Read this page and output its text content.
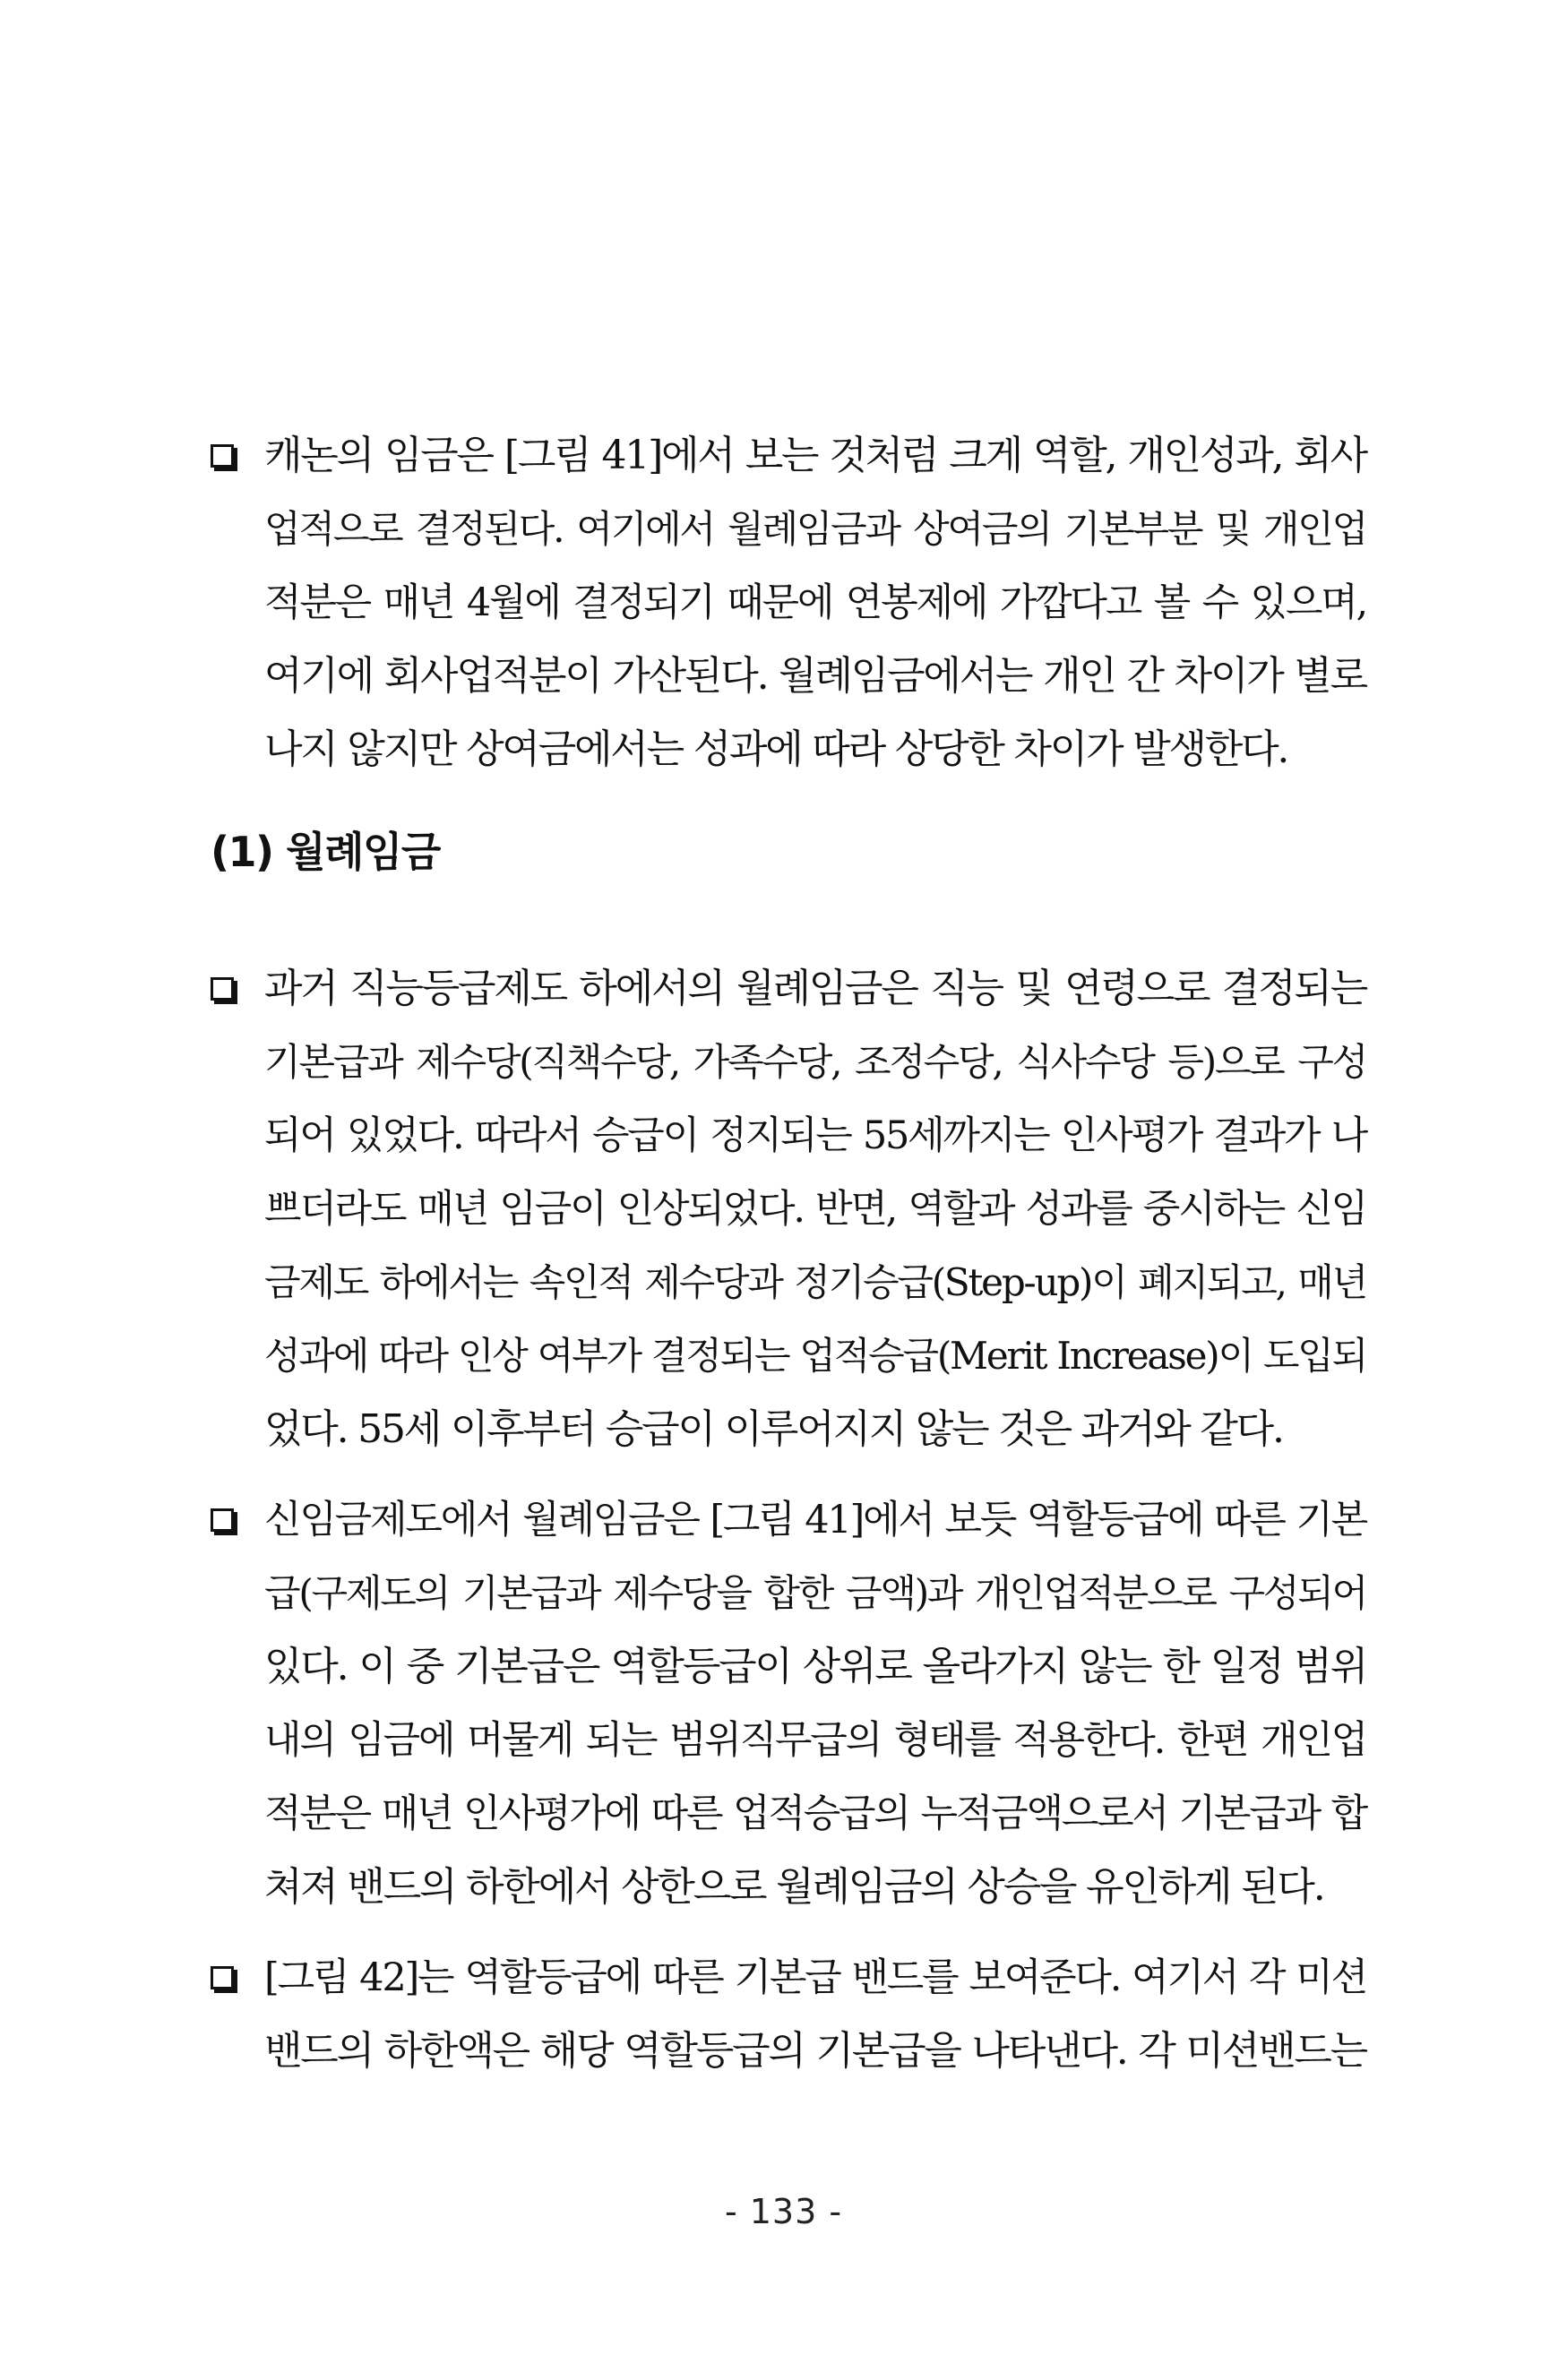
캐논의 임금은 [그림 41]에서 보는 것처럼 크게 역할, 개인성과, 회사
업적으로 결정된다. 여기에서 월례임금과 상여금의 기본부분 및 개인업
적분은 매년 4월에 결정되기 때문에 연봉제에 가깝다고 볼 수 있으며,
여기에 회사업적분이 가산된다. 월례임금에서는 개인 간 차이가 별로
나지 않지만 상여금에서는 성과에 따라 상당한 차이가 발생한다.
(1) 월례임금
과거 직능등급제도 하에서의 월례임금은 직능 및 연령으로 결정되는
기본급과 제수당(직책수당, 가족수당, 조정수당, 식사수당 등)으로 구성
되어 있었다. 따라서 승급이 정지되는 55세까지는 인사평가 결과가 나
쁘더라도 매년 임금이 인상되었다. 반면, 역할과 성과를 중시하는 신임
금제도 하에서는 속인적 제수당과 정기승급(Step-up)이 폐지되고, 매년
성과에 따라 인상 여부가 결정되는 업적승급(Merit Increase)이 도입되
었다. 55세 이후부터 승급이 이루어지지 않는 것은 과거와 같다.
신임금제도에서 월례임금은 [그림 41]에서 보듯 역할등급에 따른 기본
급(구제도의 기본급과 제수당을 합한 금액)과 개인업적분으로 구성되어
있다. 이 중 기본급은 역할등급이 상위로 올라가지 않는 한 일정 범위
내의 임금에 머물게 되는 범위직무급의 형태를 적용한다. 한편 개인업
적분은 매년 인사평가에 따른 업적승급의 누적금액으로서 기본급과 합
쳐져 밴드의 하한에서 상한으로 월례임금의 상승을 유인하게 된다.
[그림 42]는 역할등급에 따른 기본급 밴드를 보여준다. 여기서 각 미션
밴드의 하한액은 해당 역할등급의 기본급을 나타낸다. 각 미션밴드는
- 133 -
